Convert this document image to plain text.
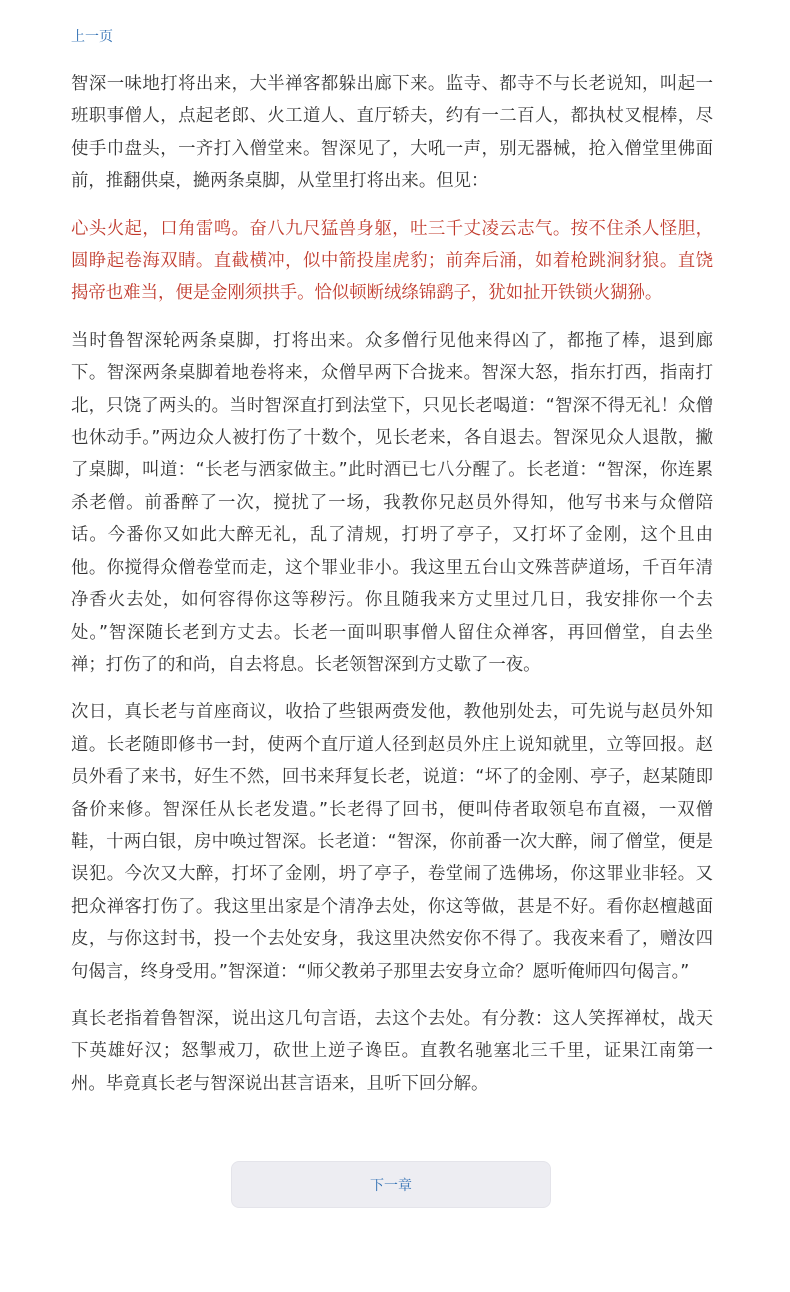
上一页

智深一味地打将出来，大半禅客都躲出廊下来。监寺、都寺不与长老说知，叫起一班职事僧人，点起老郎、火工道人、直厅轿夫，约有一二百人，都执杖叉棍棒，尽使手巾盘头，一齐打入僧堂来。智深见了，大吼一声，别无器械，抢入僧堂里佛面前，推翻供桌，撧两条桌脚，从堂里打将出来。但见：

心头火起，口角雷鸣。奋八九尺猛兽身躯，吐三千丈凌云志气。按不住杀人怪胆，圆睁起卷海双睛。直截横冲，似中箭投崖虎豹；前奔后涌，如着枪跳涧豺狼。直饶揭帝也难当，便是金刚须拱手。恰似顿断绒绦锦鹞子，犹如扯开铁锁火猢狲。

当时鲁智深轮两条桌脚，打将出来。众多僧行见他来得凶了，都拖了棒，退到廊下。智深两条桌脚着地卷将来，众僧早两下合拢来。智深大怒，指东打西，指南打北，只饶了两头的。当时智深直打到法堂下，只见长老喝道：“智深不得无礼！众僧也休动手。”两边众人被打伤了十数个，见长老来，各自退去。智深见众人退散，撇了桌脚，叫道：“长老与洒家做主。”此时酒已七八分醒了。长老道：“智深，你连累杀老僧。前番醉了一次，搅扰了一场，我教你兄赵员外得知，他写书来与众僧陪话。今番你又如此大醉无礼，乱了清规，打坍了亭子，又打坏了金刚，这个且由他。你搅得众僧卷堂而走，这个罪业非小。我这里五台山文殊菩萨道场，千百年清净香火去处，如何容得你这等秽污。你且随我来方丈里过几日，我安排你一个去处。”智深随长老到方丈去。长老一面叫职事僧人留住众禅客，再回僧堂，自去坐禅；打伤了的和尚，自去将息。长老领智深到方丈歇了一夜。

次日，真长老与首座商议，收拾了些银两赍发他，教他别处去，可先说与赵员外知道。长老随即修书一封，使两个直厅道人径到赵员外庄上说知就里，立等回报。赵员外看了来书，好生不然，回书来拜复长老，说道：“坏了的金刚、亭子，赵某随即备价来修。智深任从长老发遣。”长老得了回书，便叫侍者取领皂布直裰，一双僧鞋，十两白银，房中唤过智深。长老道：“智深，你前番一次大醉，闹了僧堂，便是误犯。今次又大醉，打坏了金刚，坍了亭子，卷堂闹了选佛场，你这罪业非轻。又把众禅客打伤了。我这里出家是个清净去处，你这等做，甚是不好。看你赵檀越面皮，与你这封书，投一个去处安身，我这里决然安你不得了。我夜来看了，赠汝四句偈言，终身受用。”智深道：“师父教弟子那里去安身立命？愿听俺师四句偈言。”

真长老指着鲁智深，说出这几句言语，去这个去处。有分教：这人笑挥禅杖，战天下英雄好汉；怒掣戒刀，砍世上逆子谗臣。直教名驰塞北三千里，证果江南第一州。毕竟真长老与智深说出甚言语来，且听下回分解。

下一章
